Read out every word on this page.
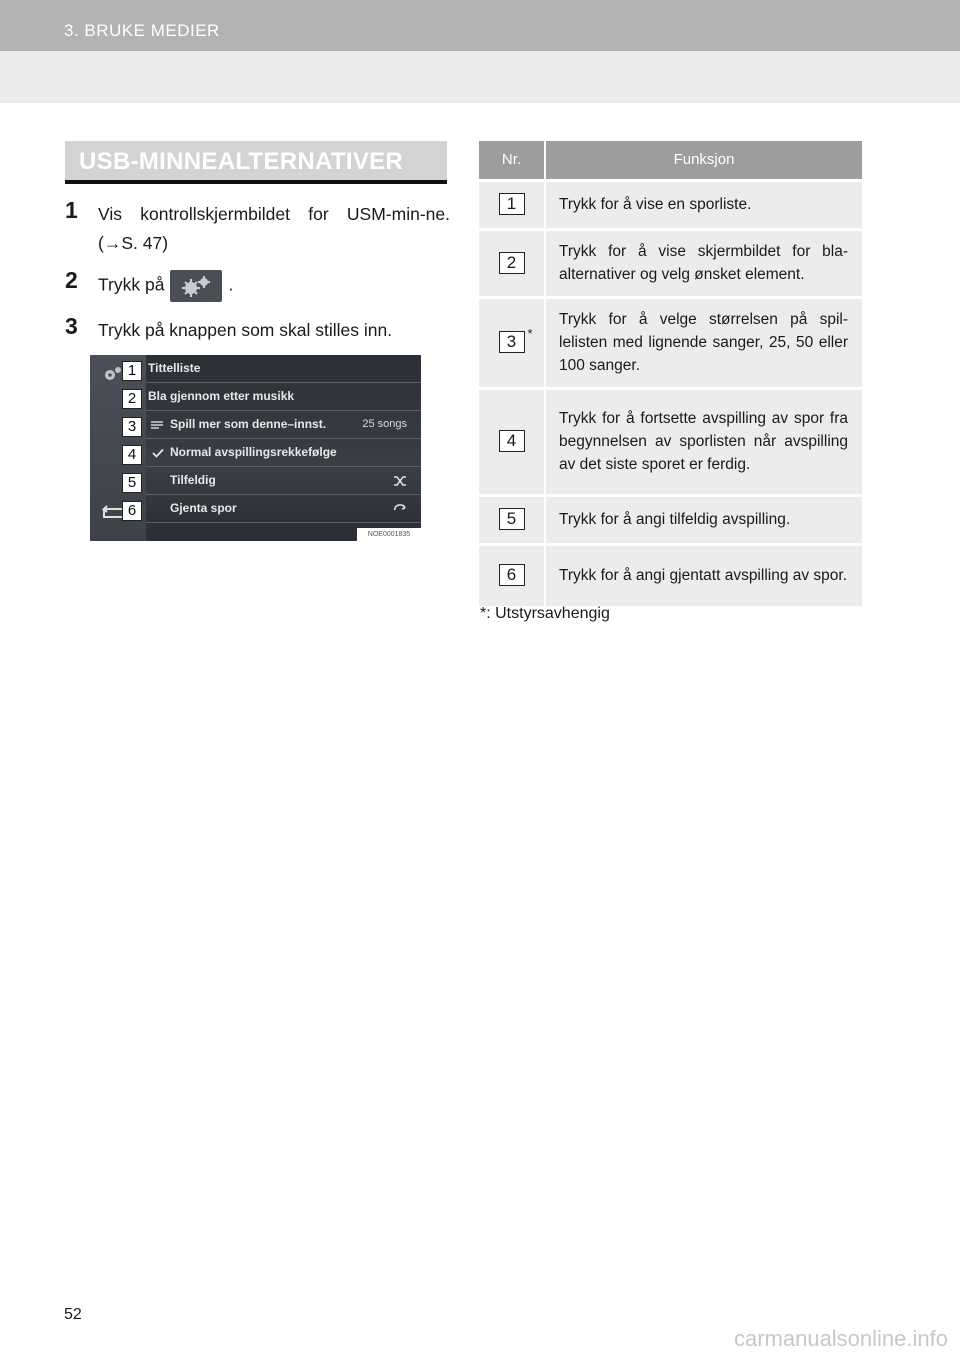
3. BRUKE MEDIER
USB-MINNEALTERNATIVER
1	Vis kontrollskjermbildet for USM-min-ne. (→S. 47)
2	Trykk på	.
3	Trykk på knappen som skal stilles inn.
Tittelliste
Bla gjennom etter musikk
Spill mer som denne–innst.	25 songs
Normal avspillingsrekkefølge
Tilfeldig
Gjenta spor
1
2
3
4
5
6
NOE0001835
Nr.	Funksjon
1	Trykk for å vise en sporliste.
2	Trykk for å vise skjermbildet for bla-alternativer og velg ønsket element.
3 *	Trykk for å velge størrelsen på spil-lelisten med lignende sanger, 25, 50 eller 100 sanger.
4	Trykk for å fortsette avspilling av spor fra begynnelsen av sporlisten når avspilling av det siste sporet er ferdig.
5	Trykk for å angi tilfeldig avspilling.
6	Trykk for å angi gjentatt avspilling av spor.
*: Utstyrsavhengig
52
carmanualsonline.info
